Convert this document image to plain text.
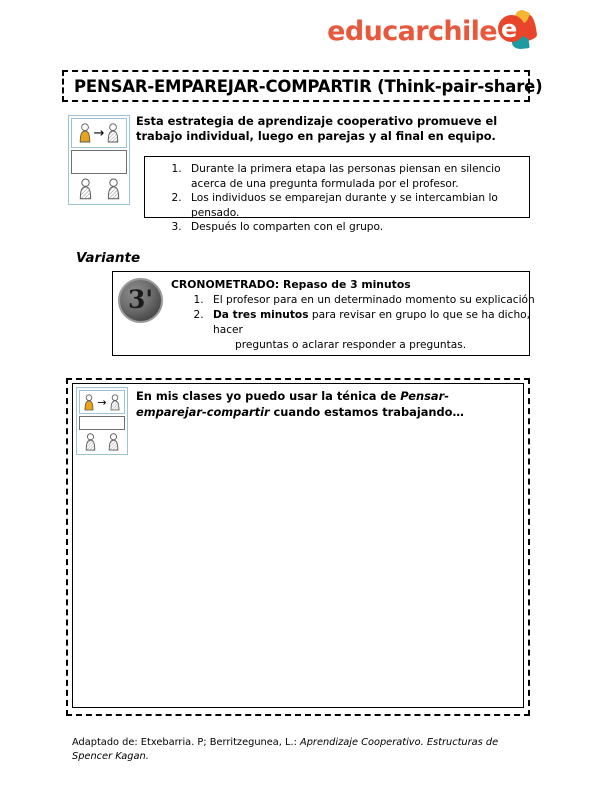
educarchile e
PENSAR-EMPAREJAR-COMPARTIR (Think-pair-share)
→
Esta estrategia de aprendizaje cooperativo promueve el trabajo individual, luego en parejas y al final en equipo.
1. Durante la primera etapa las personas piensan en silencio acerca de una pregunta formulada por el profesor.
2. Los individuos se emparejan durante y se intercambian lo pensado.
3. Después lo comparten con el grupo.
Variante
3'
CRONOMETRADO: Repaso de 3 minutos
1. El profesor para en un determinado momento su explicación
2. Da tres minutos para revisar en grupo lo que se ha dicho, hacer
preguntas o aclarar responder a preguntas.
→	En mis clases yo puedo usar la ténica de Pensar-emparejar-compartir cuando estamos trabajando…
Adaptado de: Etxebarria. P; Berritzegunea, L.: Aprendizaje Cooperativo. Estructuras de Spencer Kagan.
